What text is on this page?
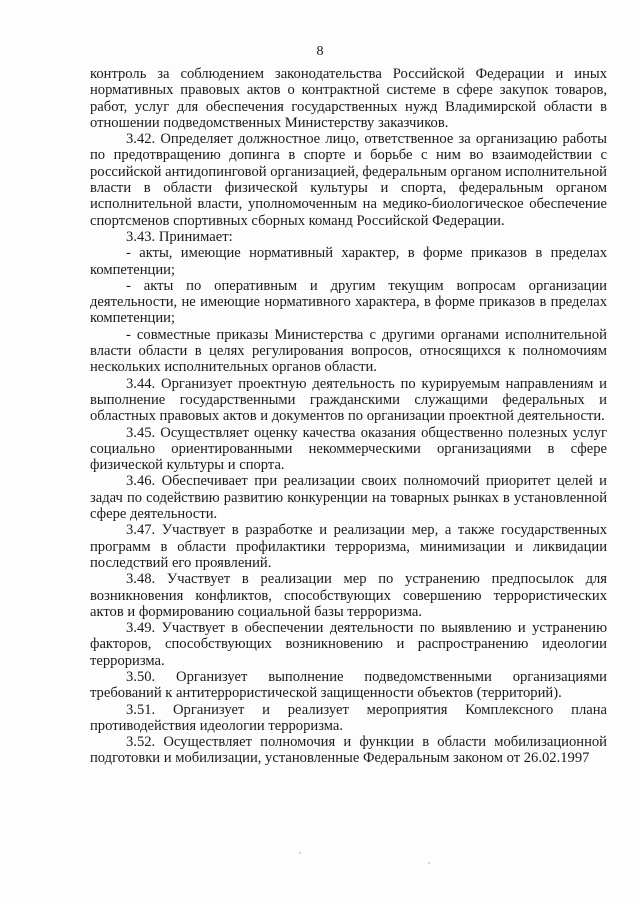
8

контроль за соблюдением законодательства Российской Федерации и иных нормативных правовых актов о контрактной системе в сфере закупок товаров, работ, услуг для обеспечения государственных нужд Владимирской области в отношении подведомственных Министерству заказчиков.

3.42. Определяет должностное лицо, ответственное за организацию работы по предотвращению допинга в спорте и борьбе с ним во взаимодействии с российской антидопинговой организацией, федеральным органом исполнительной власти в области физической культуры и спорта, федеральным органом исполнительной власти, уполномоченным на медико-биологическое обеспечение спортсменов спортивных сборных команд Российской Федерации.

3.43. Принимает:

- акты, имеющие нормативный характер, в форме приказов в пределах компетенции;

- акты по оперативным и другим текущим вопросам организации деятельности, не имеющие нормативного характера, в форме приказов в пределах компетенции;

- совместные приказы Министерства с другими органами исполнительной власти области в целях регулирования вопросов, относящихся к полномочиям нескольких исполнительных органов области.

3.44. Организует проектную деятельность по курируемым направлениям и выполнение государственными гражданскими служащими федеральных и областных правовых актов и документов по организации проектной деятельности.

3.45. Осуществляет оценку качества оказания общественно полезных услуг социально ориентированными некоммерческими организациями в сфере физической культуры и спорта.

3.46. Обеспечивает при реализации своих полномочий приоритет целей и задач по содействию развитию конкуренции на товарных рынках в установленной сфере деятельности.

3.47. Участвует в разработке и реализации мер, а также государственных программ в области профилактики терроризма, минимизации и ликвидации последствий его проявлений.

3.48. Участвует в реализации мер по устранению предпосылок для возникновения конфликтов, способствующих совершению террористических актов и формированию социальной базы терроризма.

3.49. Участвует в обеспечении деятельности по выявлению и устранению факторов, способствующих возникновению и распространению идеологии терроризма.

3.50. Организует выполнение подведомственными организациями требований к антитеррористической защищенности объектов (территорий).

3.51. Организует и реализует мероприятия Комплексного плана противодействия идеологии терроризма.

3.52. Осуществляет полномочия и функции в области мобилизационной подготовки и мобилизации, установленные Федеральным законом от 26.02.1997
